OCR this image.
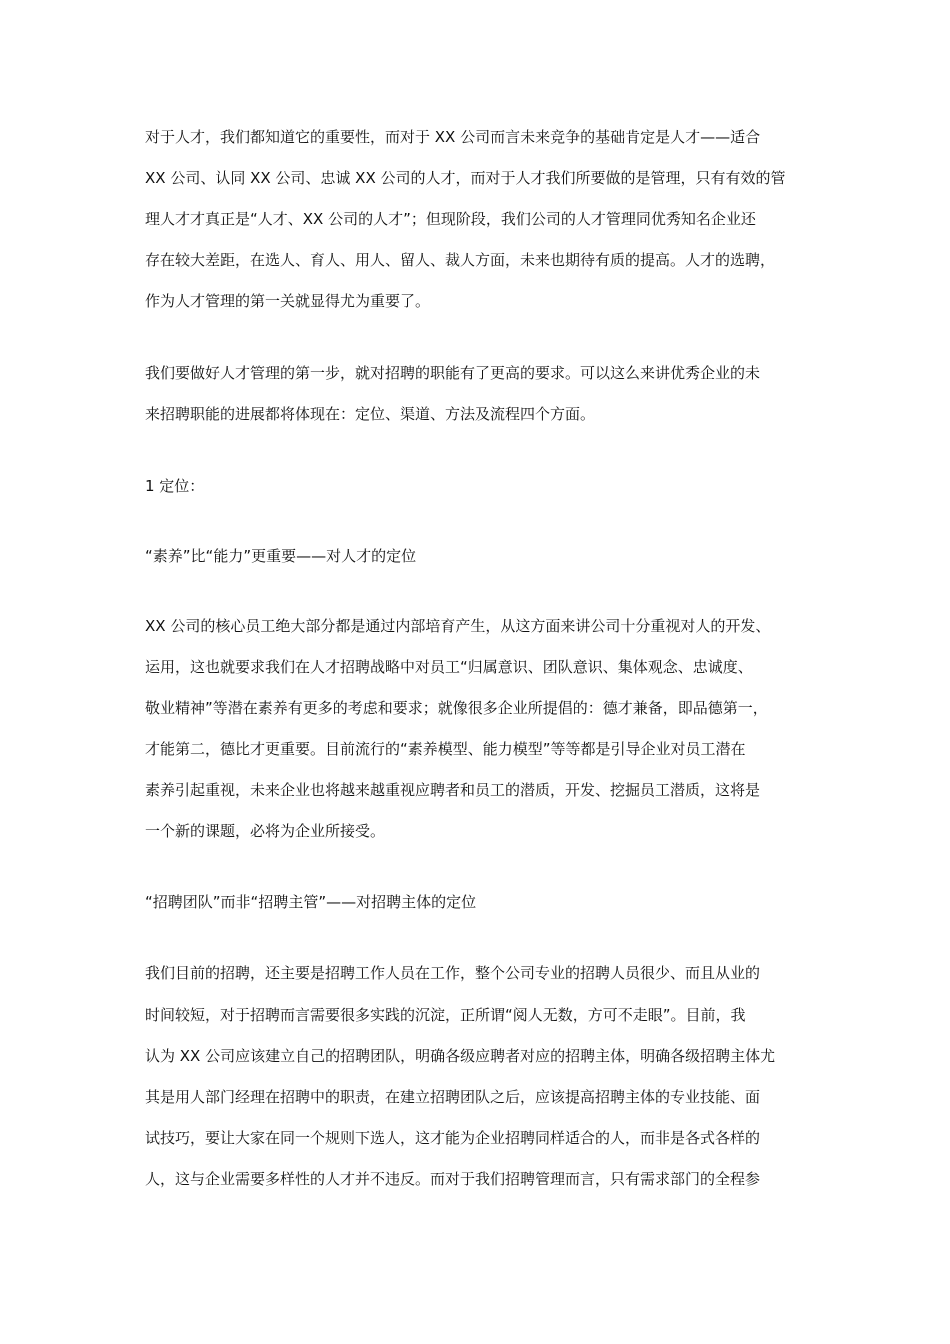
对于人才，我们都知道它的重要性，而对于 XX 公司而言未来竞争的基础肯定是人才——适合
XX 公司、认同 XX 公司、忠诚 XX 公司的人才，而对于人才我们所要做的是管理，只有有效的管
理人才才真正是“人才、XX 公司的人才”；但现阶段，我们公司的人才管理同优秀知名企业还
存在较大差距，在选人、育人、用人、留人、裁人方面，未来也期待有质的提高。人才的选聘，
作为人才管理的第一关就显得尤为重要了。
我们要做好人才管理的第一步，就对招聘的职能有了更高的要求。可以这么来讲优秀企业的未
来招聘职能的进展都将体现在：定位、渠道、方法及流程四个方面。
1 定位：
“素养”比“能力”更重要——对人才的定位
XX 公司的核心员工绝大部分都是通过内部培育产生，从这方面来讲公司十分重视对人的开发、
运用，这也就要求我们在人才招聘战略中对员工“归属意识、团队意识、集体观念、忠诚度、
敬业精神”等潜在素养有更多的考虑和要求；就像很多企业所提倡的：德才兼备，即品德第一，
才能第二，德比才更重要。目前流行的“素养模型、能力模型”等等都是引导企业对员工潜在
素养引起重视，未来企业也将越来越重视应聘者和员工的潜质，开发、挖掘员工潜质，这将是
一个新的课题，必将为企业所接受。
“招聘团队”而非“招聘主管”——对招聘主体的定位
我们目前的招聘，还主要是招聘工作人员在工作，整个公司专业的招聘人员很少、而且从业的
时间较短，对于招聘而言需要很多实践的沉淀，正所谓“阅人无数，方可不走眼”。目前，我
认为 XX 公司应该建立自己的招聘团队，明确各级应聘者对应的招聘主体，明确各级招聘主体尤
其是用人部门经理在招聘中的职责，在建立招聘团队之后，应该提高招聘主体的专业技能、面
试技巧，要让大家在同一个规则下选人，这才能为企业招聘同样适合的人，而非是各式各样的
人，这与企业需要多样性的人才并不违反。而对于我们招聘管理而言，只有需求部门的全程参
